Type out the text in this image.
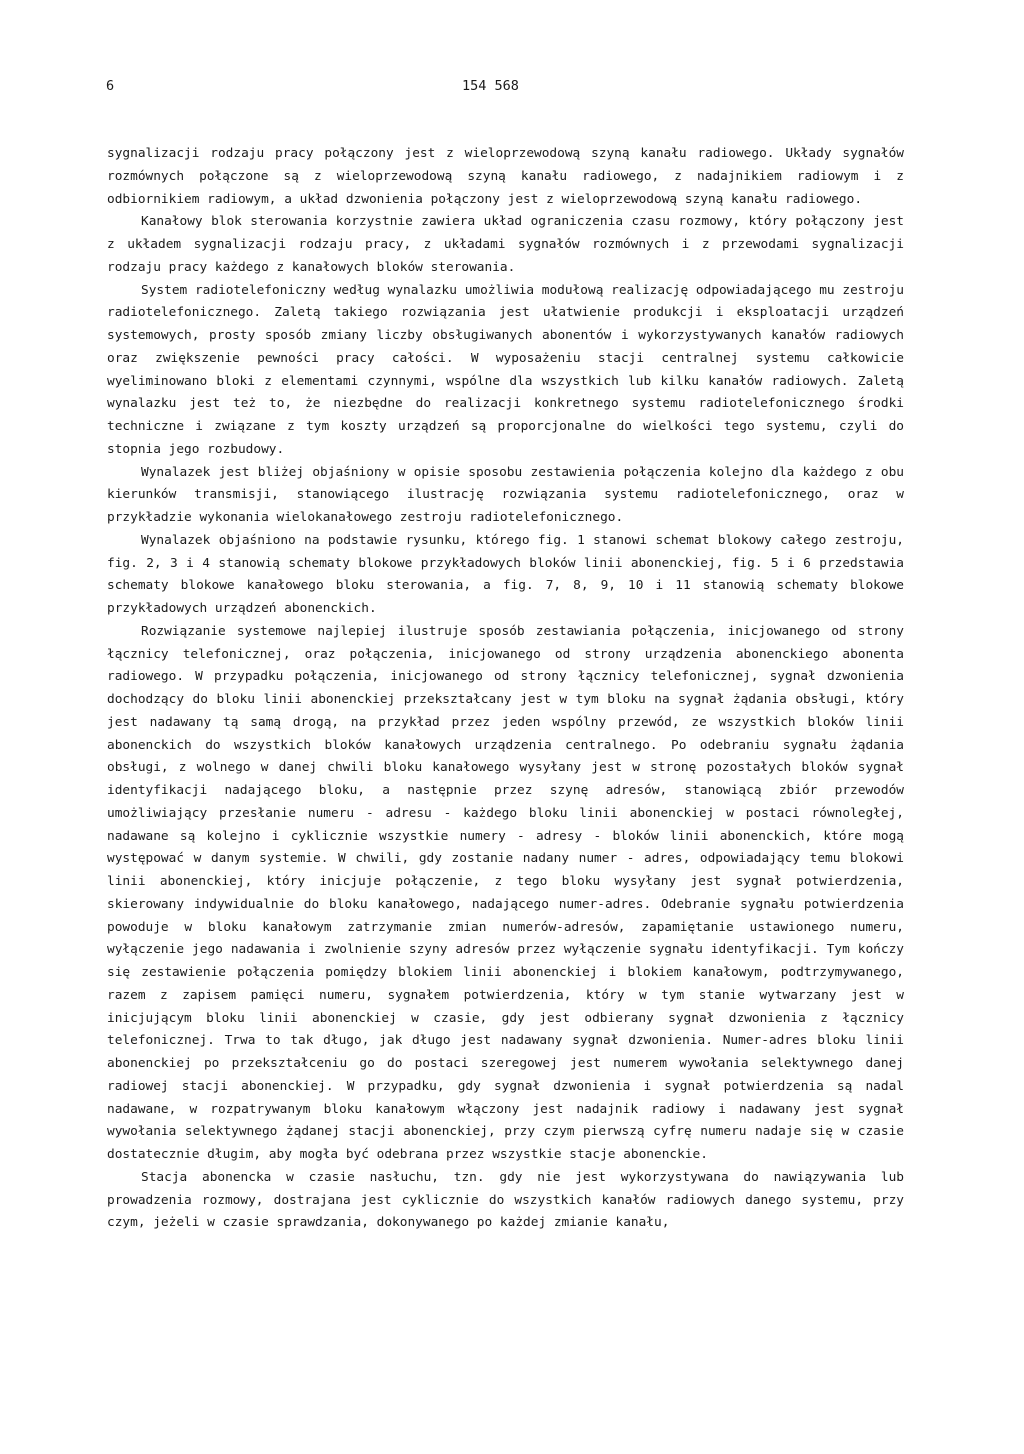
6	154 568

sygnalizacji rodzaju pracy połączony jest z wieloprzewodową szyną kanału radiowego. Układy sygnałów rozmównych połączone są z wieloprzewodową szyną kanału radiowego, z nadajnikiem radiowym i z odbiornikiem radiowym, a układ dzwonienia połączony jest z wieloprzewodową szyną kanału radiowego.

Kanałowy blok sterowania korzystnie zawiera układ ograniczenia czasu rozmowy, który połączony jest z układem sygnalizacji rodzaju pracy, z układami sygnałów rozmównych i z przewodami sygnalizacji rodzaju pracy każdego z kanałowych bloków sterowania.

System radiotelefoniczny według wynalazku umożliwia modułową realizację odpowiadającego mu zestroju radiotelefonicznego. Zaletą takiego rozwiązania jest ułatwienie produkcji i eksploatacji urządzeń systemowych, prosty sposób zmiany liczby obsługiwanych abonentów i wykorzystywanych kanałów radiowych oraz zwiększenie pewności pracy całości. W wyposażeniu stacji centralnej systemu całkowicie wyeliminowano bloki z elementami czynnymi, wspólne dla wszystkich lub kilku kanałów radiowych. Zaletą wynalazku jest też to, że niezbędne do realizacji konkretnego systemu radiotelefonicznego środki techniczne i związane z tym koszty urządzeń są proporcjonalne do wielkości tego systemu, czyli do stopnia jego rozbudowy.

Wynalazek jest bliżej objaśniony w opisie sposobu zestawienia połączenia kolejno dla każdego z obu kierunków transmisji, stanowiącego ilustrację rozwiązania systemu radiotelefonicznego, oraz w przykładzie wykonania wielokanałowego zestroju radiotelefonicznego.

Wynalazek objaśniono na podstawie rysunku, którego fig. 1 stanowi schemat blokowy całego zestroju, fig. 2, 3 i 4 stanowią schematy blokowe przykładowych bloków linii abonenckiej, fig. 5 i 6 przedstawia schematy blokowe kanałowego bloku sterowania, a fig. 7, 8, 9, 10 i 11 stanowią schematy blokowe przykładowych urządzeń abonenckich.

Rozwiązanie systemowe najlepiej ilustruje sposób zestawiania połączenia, inicjowanego od strony łącznicy telefonicznej, oraz połączenia, inicjowanego od strony urządzenia abonenckiego abonenta radiowego. W przypadku połączenia, inicjowanego od strony łącznicy telefonicznej, sygnał dzwonienia dochodzący do bloku linii abonenckiej przekształcany jest w tym bloku na sygnał żądania obsługi, który jest nadawany tą samą drogą, na przykład przez jeden wspólny przewód, ze wszystkich bloków linii abonenckich do wszystkich bloków kanałowych urządzenia centralnego. Po odebraniu sygnału żądania obsługi, z wolnego w danej chwili bloku kanałowego wysyłany jest w stronę pozostałych bloków sygnał identyfikacji nadającego bloku, a następnie przez szynę adresów, stanowiącą zbiór przewodów umożliwiający przesłanie numeru - adresu - każdego bloku linii abonenckiej w postaci równoległej, nadawane są kolejno i cyklicznie wszystkie numery - adresy - bloków linii abonenckich, które mogą występować w danym systemie. W chwili, gdy zostanie nadany numer - adres, odpowiadający temu blokowi linii abonenckiej, który inicjuje połączenie, z tego bloku wysyłany jest sygnał potwierdzenia, skierowany indywidualnie do bloku kanałowego, nadającego numer-adres. Odebranie sygnału potwierdzenia powoduje w bloku kanałowym zatrzymanie zmian numerów-adresów, zapamiętanie ustawionego numeru, wyłączenie jego nadawania i zwolnienie szyny adresów przez wyłączenie sygnału identyfikacji. Tym kończy się zestawienie połączenia pomiędzy blokiem linii abonenckiej i blokiem kanałowym, podtrzymywanego, razem z zapisem pamięci numeru, sygnałem potwierdzenia, który w tym stanie wytwarzany jest w inicjującym bloku linii abonenckiej w czasie, gdy jest odbierany sygnał dzwonienia z łącznicy telefonicznej. Trwa to tak długo, jak długo jest nadawany sygnał dzwonienia. Numer-adres bloku linii abonenckiej po przekształceniu go do postaci szeregowej jest numerem wywołania selektywnego danej radiowej stacji abonenckiej. W przypadku, gdy sygnał dzwonienia i sygnał potwierdzenia są nadal nadawane, w rozpatrywanym bloku kanałowym włączony jest nadajnik radiowy i nadawany jest sygnał wywołania selektywnego żądanej stacji abonenckiej, przy czym pierwszą cyfrę numeru nadaje się w czasie dostatecznie długim, aby mogła być odebrana przez wszystkie stacje abonenckie.

Stacja abonencka w czasie nasłuchu, tzn. gdy nie jest wykorzystywana do nawiązywania lub prowadzenia rozmowy, dostrajana jest cyklicznie do wszystkich kanałów radiowych danego systemu, przy czym, jeżeli w czasie sprawdzania, dokonywanego po każdej zmianie kanału,
